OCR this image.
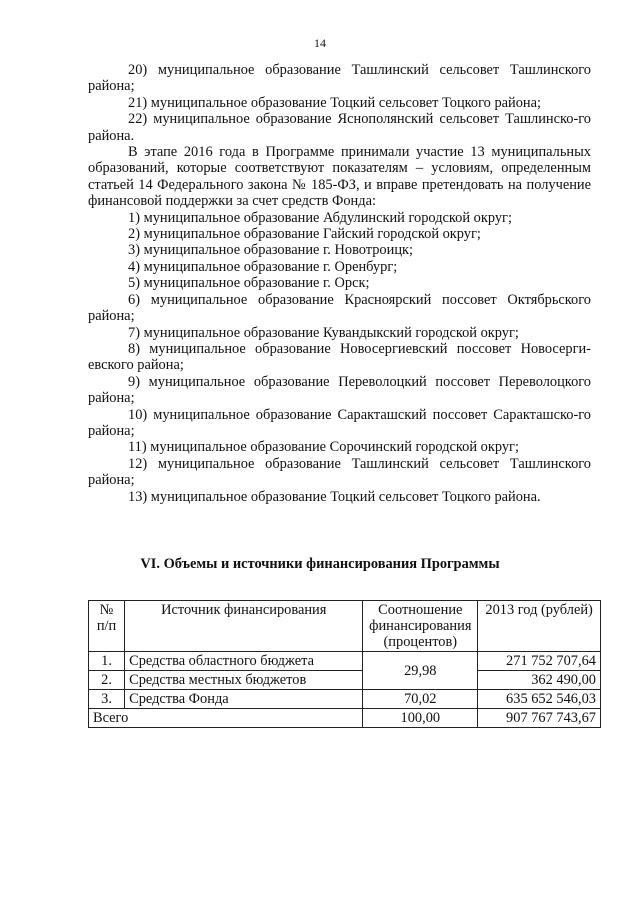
14

20) муниципальное образование Ташлинский сельсовет Ташлинского района;

21) муниципальное образование Тоцкий сельсовет Тоцкого района;

22) муниципальное образование Яснополянский сельсовет Ташлинско-го района.

В этапе 2016 года в Программе принимали участие 13 муниципальных образований, которые соответствуют показателям – условиям, определенным статьей 14 Федерального закона № 185-ФЗ, и вправе претендовать на получение финансовой поддержки за счет средств Фонда:

1) муниципальное образование Абдулинский городской округ;

2) муниципальное образование Гайский городской округ;

3) муниципальное образование г. Новотроицк;

4) муниципальное образование г. Оренбург;

5) муниципальное образование г. Орск;

6) муниципальное образование Красноярский поссовет Октябрьского района;

7) муниципальное образование Кувандыкский городской округ;

8) муниципальное образование Новосергиевский поссовет Новосерги-евского района;

9) муниципальное образование Переволоцкий поссовет Переволоцкого района;

10) муниципальное образование Саракташский поссовет Саракташско-го района;

11) муниципальное образование Сорочинский городской округ;

12) муниципальное образование Ташлинский сельсовет Ташлинского района;

13) муниципальное образование Тоцкий сельсовет Тоцкого района.

VI. Объемы и источники финансирования Программы
№ п/п	Источник финансирования	Соотношение финансирования (процентов)	2013 год (рублей)
1.	Средства областного бюджета	29,98	271 752 707,64
2.	Средства местных бюджетов		362 490,00
3.	Средства Фонда	70,02	635 652 546,03
Всего		100,00	907 767 743,67
